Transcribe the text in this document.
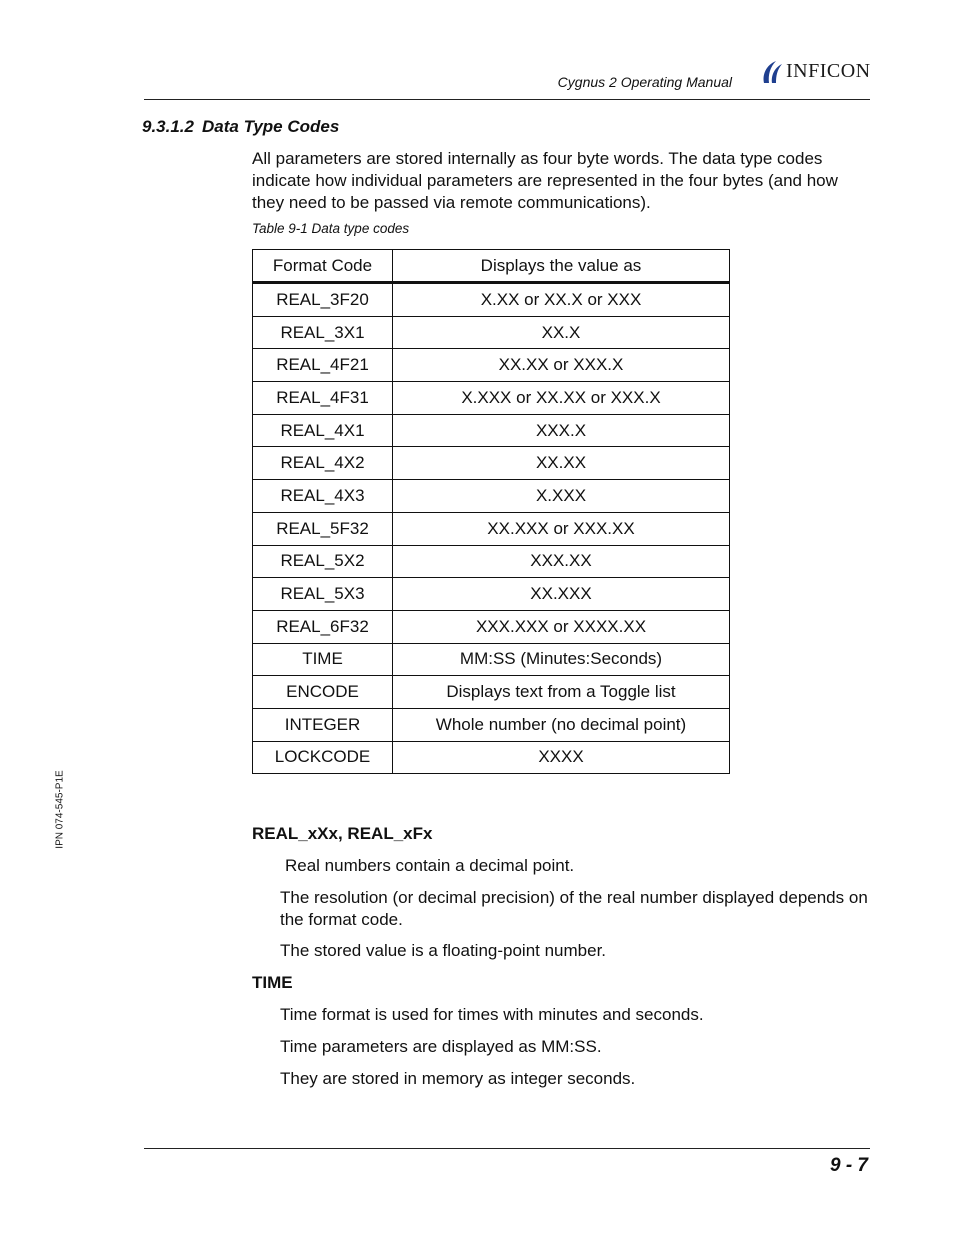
Cygnus 2 Operating Manual	INFICON
9.3.1.2 Data Type Codes
All parameters are stored internally as four byte words. The data type codes indicate how individual parameters are represented in the four bytes (and how they need to be passed via remote communications).
Table 9-1 Data type codes
Format Code	Displays the value as
REAL_3F20	X.XX or XX.X or XXX
REAL_3X1	XX.X
REAL_4F21	XX.XX or XXX.X
REAL_4F31	X.XXX or XX.XX or XXX.X
REAL_4X1	XXX.X
REAL_4X2	XX.XX
REAL_4X3	X.XXX
REAL_5F32	XX.XXX or XXX.XX
REAL_5X2	XXX.XX
REAL_5X3	XX.XXX
REAL_6F32	XXX.XXX or XXXX.XX
TIME	MM:SS (Minutes:Seconds)
ENCODE	Displays text from a Toggle list
INTEGER	Whole number (no decimal point)
LOCKCODE	XXXX
IPN 074-545-P1E	REAL_xXx, REAL_xFx
Real numbers contain a decimal point.
The resolution (or decimal precision) of the real number displayed depends on the format code.
The stored value is a floating-point number.
TIME
Time format is used for times with minutes and seconds.
Time parameters are displayed as MM:SS.
They are stored in memory as integer seconds.
9 - 7
